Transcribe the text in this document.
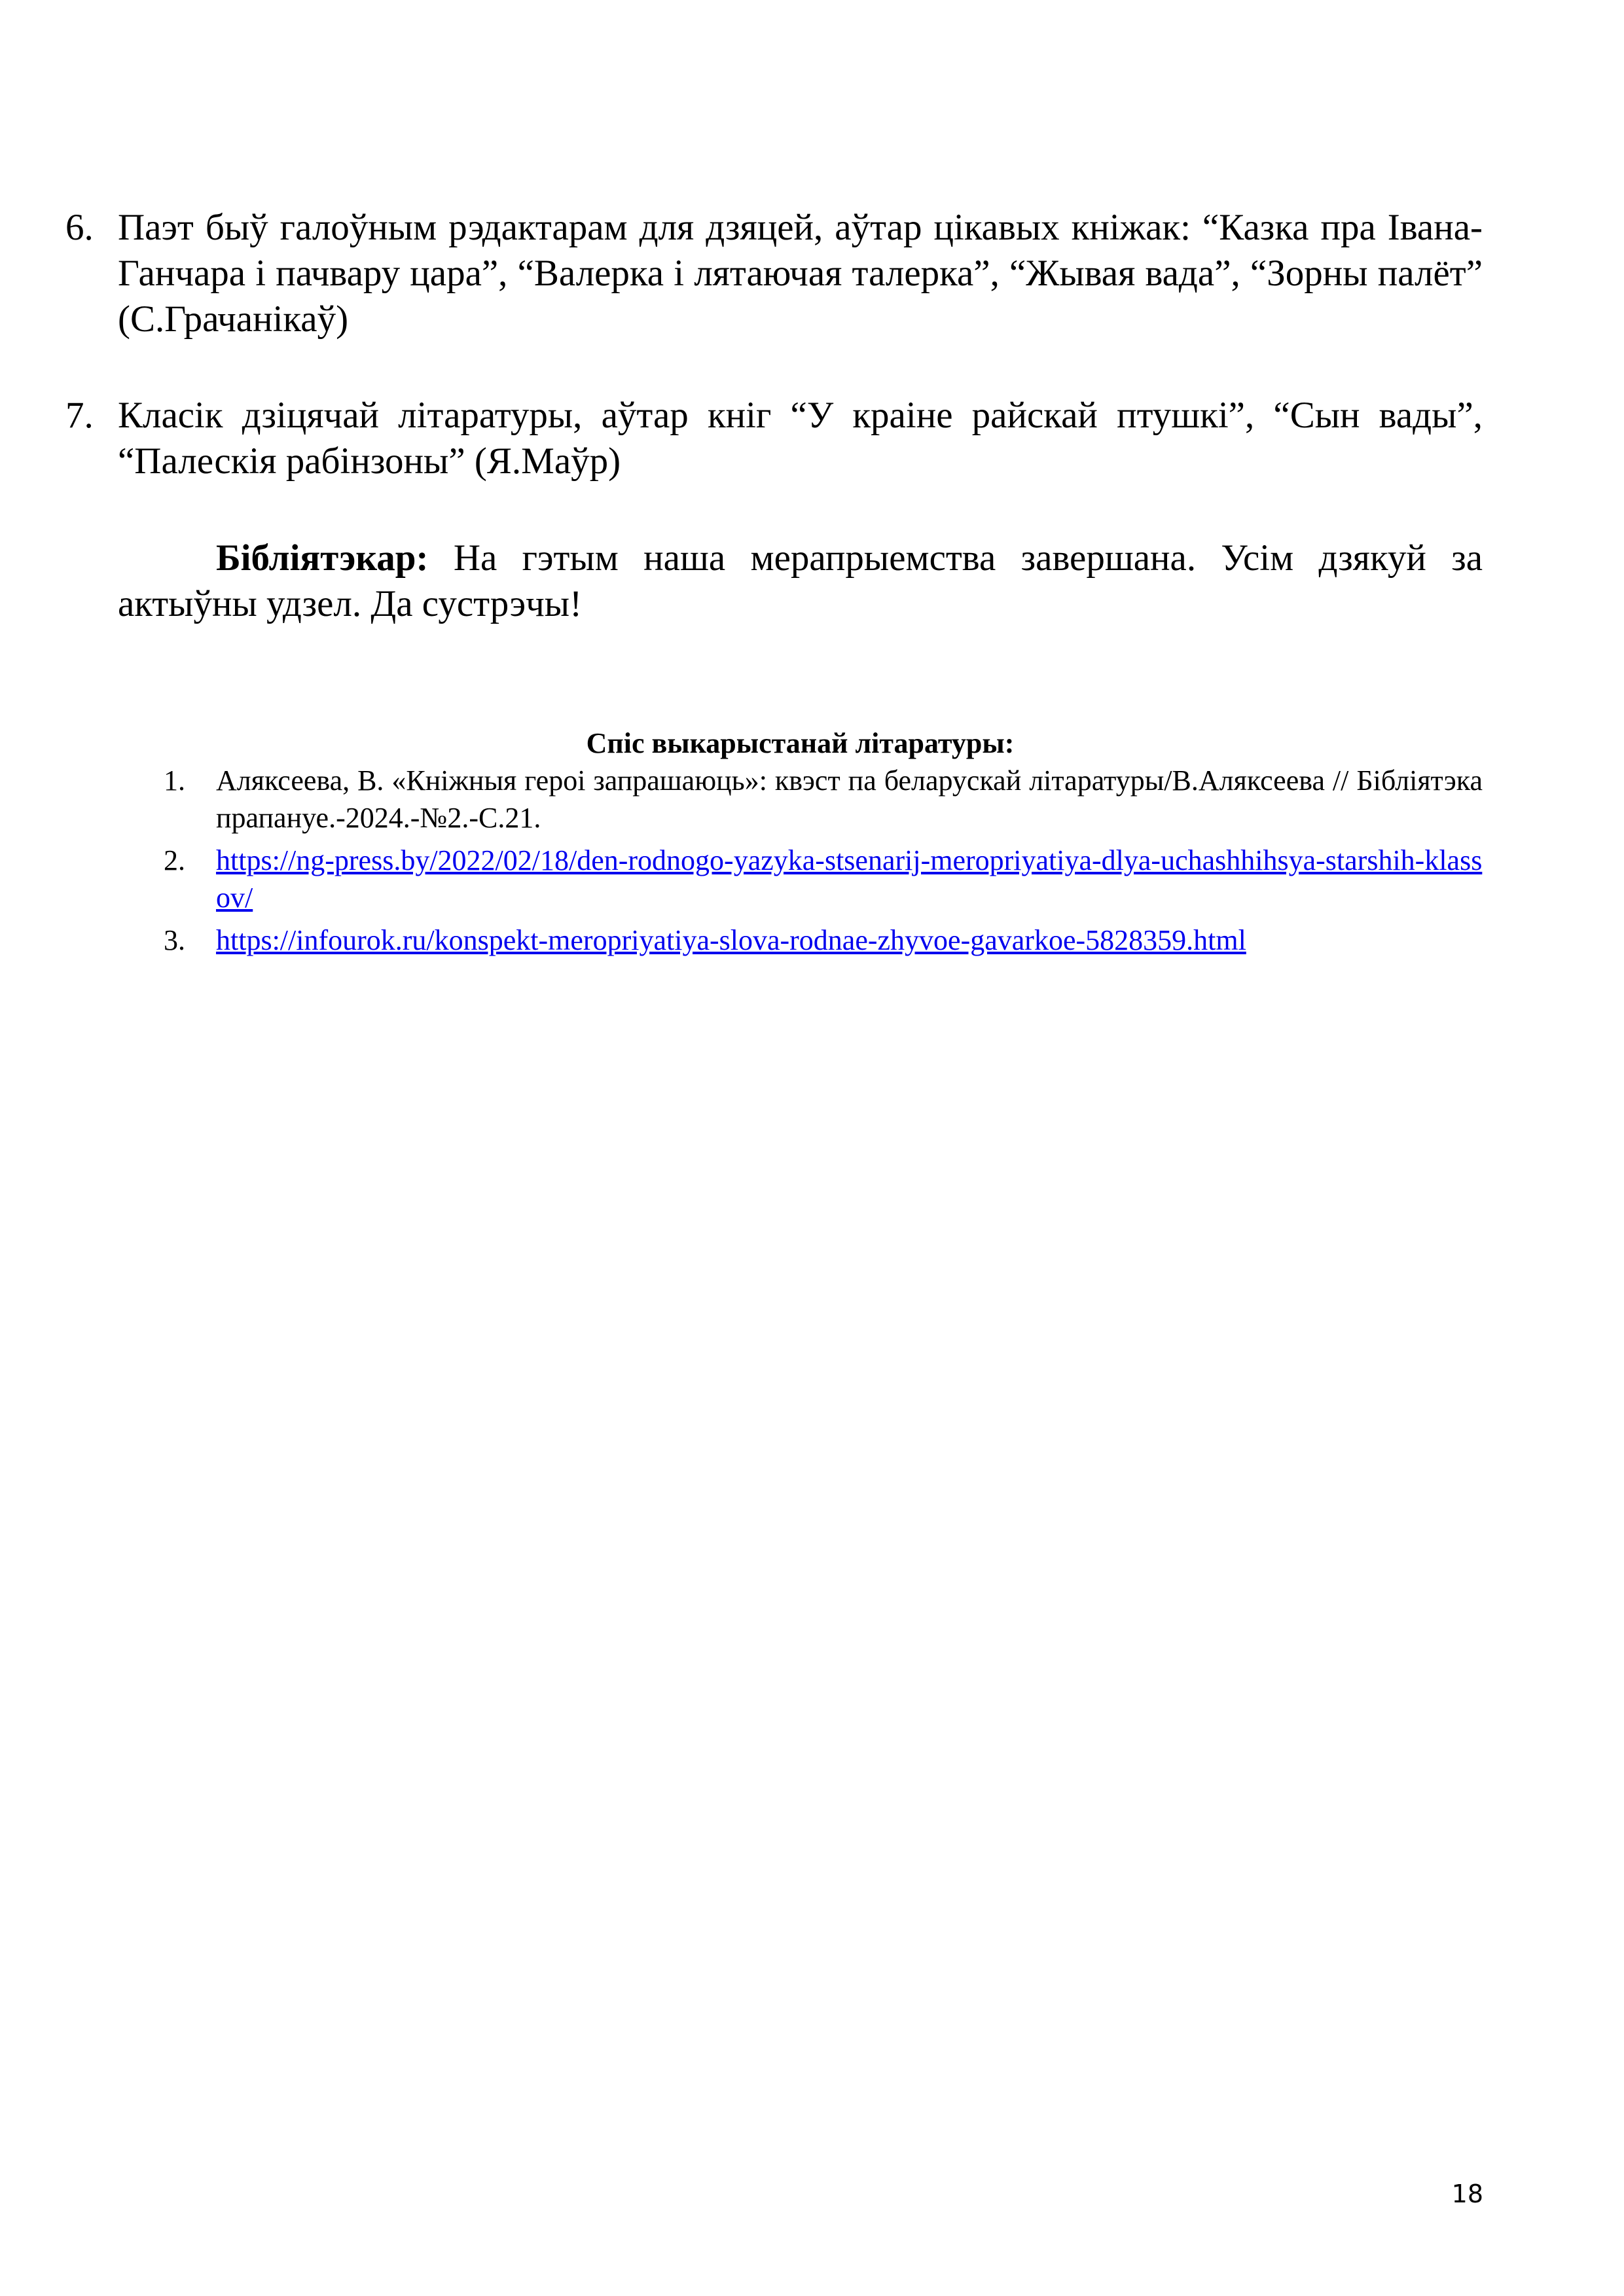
6. Паэт быў галоўным рэдактарам для дзяцей, аўтар цікавых кніжак: “Казка пра Івана-Ганчара і пачвару цара”, “Валерка і лятаючая талерка”, “Жывая вада”, “Зорны палёт” (С.Грачанікаў)
7. Класік дзіцячай літаратуры, аўтар кніг “У краіне райскай птушкі”, “Сын вады”, “Палескія рабінзоны” (Я.Маўр)
Бібліятэкар: На гэтым наша мерапрыемства завершана. Усім дзякуй за актыўны удзел. Да сустрэчы!
Спіс выкарыстанай літаратуры:
1. Аляксеева, В. «Кніжныя героі запрашаюць»: квэст па беларускай літаратуры/В.Аляксеева // Бібліятэка прапануе.-2024.-№2.-С.21.
2. https://ng-press.by/2022/02/18/den-rodnogo-yazyka-stsenarij-meropriyatiya-dlya-uchashhihsya-starshih-klassov/
3. https://infourok.ru/konspekt-meropriyatiya-slova-rodnae-zhyvoe-gavarkoe-5828359.html
18
